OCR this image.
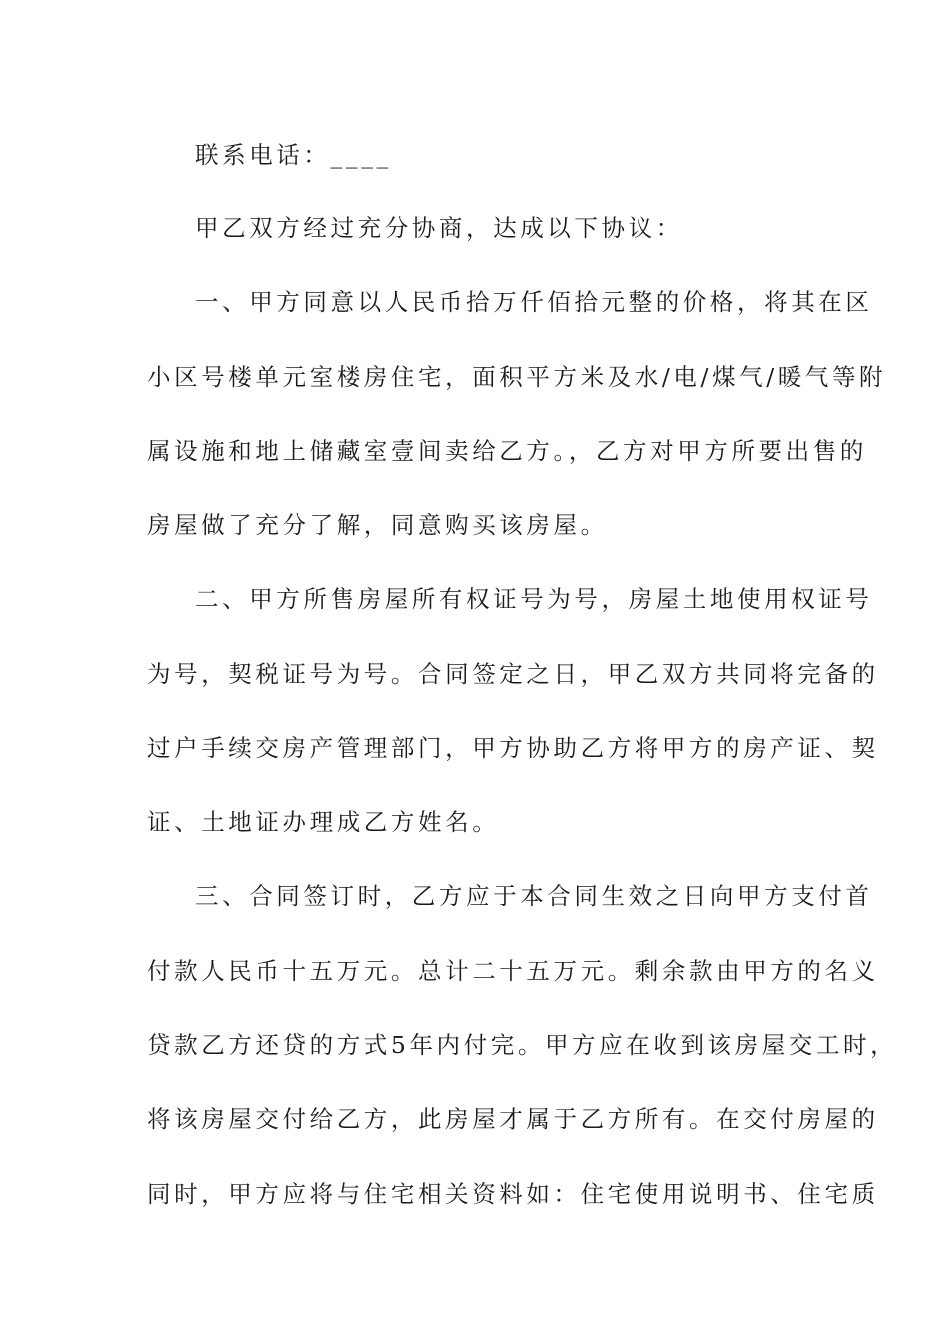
联系电话：____
甲乙双方经过充分协商，达成以下协议：
一、甲方同意以人民币拾万仟佰拾元整的价格，将其在区
小区号楼单元室楼房住宅，面积平方米及水/电/煤气/暖气等附
属设施和地上储藏室壹间卖给乙方。，乙方对甲方所要出售的
房屋做了充分了解，同意购买该房屋。
二、甲方所售房屋所有权证号为号，房屋土地使用权证号
为号，契税证号为号。合同签定之日，甲乙双方共同将完备的
过户手续交房产管理部门，甲方协助乙方将甲方的房产证、契
证、土地证办理成乙方姓名。
三、合同签订时，乙方应于本合同生效之日向甲方支付首
付款人民币十五万元。总计二十五万元。剩余款由甲方的名义
贷款乙方还贷的方式5年内付完。甲方应在收到该房屋交工时，
将该房屋交付给乙方，此房屋才属于乙方所有。在交付房屋的
同时，甲方应将与住宅相关资料如：住宅使用说明书、住宅质
